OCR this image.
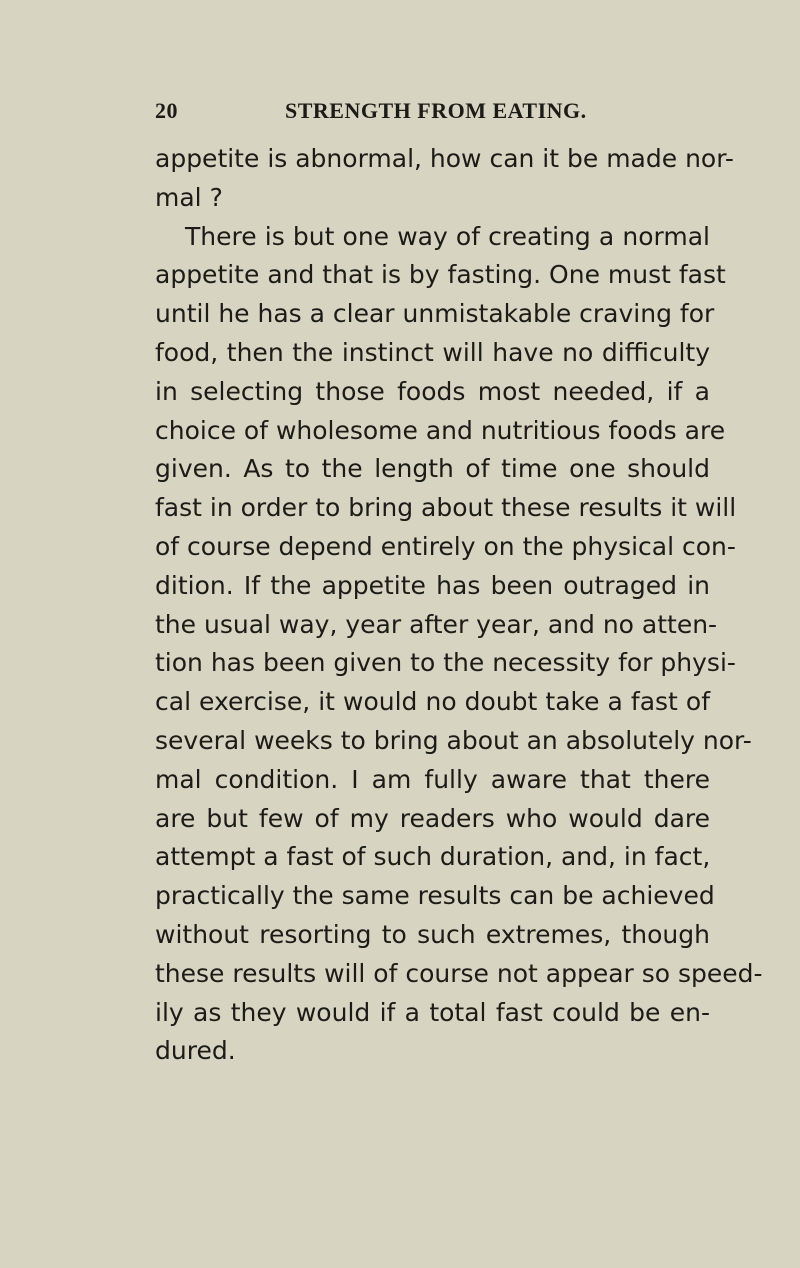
20	STRENGTH FROM EATING.
appetite is abnormal, how can it be made nor-
mal ?
There is but one way of creating a normal
appetite and that is by fasting. One must fast
until he has a clear unmistakable craving for
food, then the instinct will have no difficulty
in selecting those foods most needed, if a
choice of wholesome and nutritious foods are
given. As to the length of time one should
fast in order to bring about these results it will
of course depend entirely on the physical con-
dition. If the appetite has been outraged in
the usual way, year after year, and no atten-
tion has been given to the necessity for physi-
cal exercise, it would no doubt take a fast of
several weeks to bring about an absolutely nor-
mal condition. I am fully aware that there
are but few of my readers who would dare
attempt a fast of such duration, and, in fact,
practically the same results can be achieved
without resorting to such extremes, though
these results will of course not appear so speed-
ily as they would if a total fast could be en-
dured.
